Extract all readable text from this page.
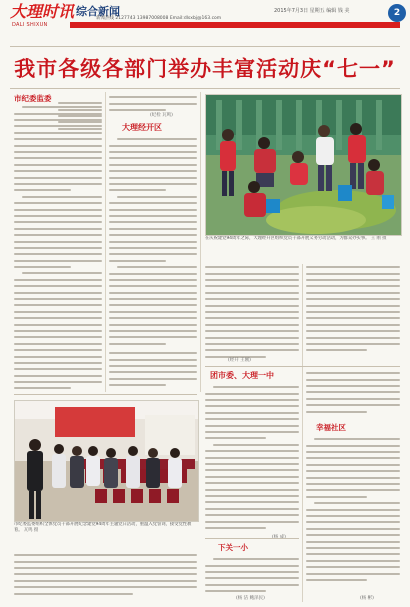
大理时讯
DALI SHIXUN
综合新闻
新闻热线 2127743 13987008008 Email:dlsxbj@163.com
2015年7月3日 星期五 编辑 钱 美	2
我市各级各部门举办丰富活动庆“七一”
市纪委监委
(纪检 瓦鸣)
大理经开区
在庆祝建党94周年之际，大理经开区组织党员干部开展义务劳动活动，为群众办实事。 王 刚 摄
(经开 王刚)
团市委、大理一中
幸福社区
(杨 彬)
市纪委监委组织全体党员干部开展纪念建党94周年主题党日活动，重温入党誓词，接受党性教育。 瓦鸣 摄
下关一小
(杨 洁 鲍泽民)
